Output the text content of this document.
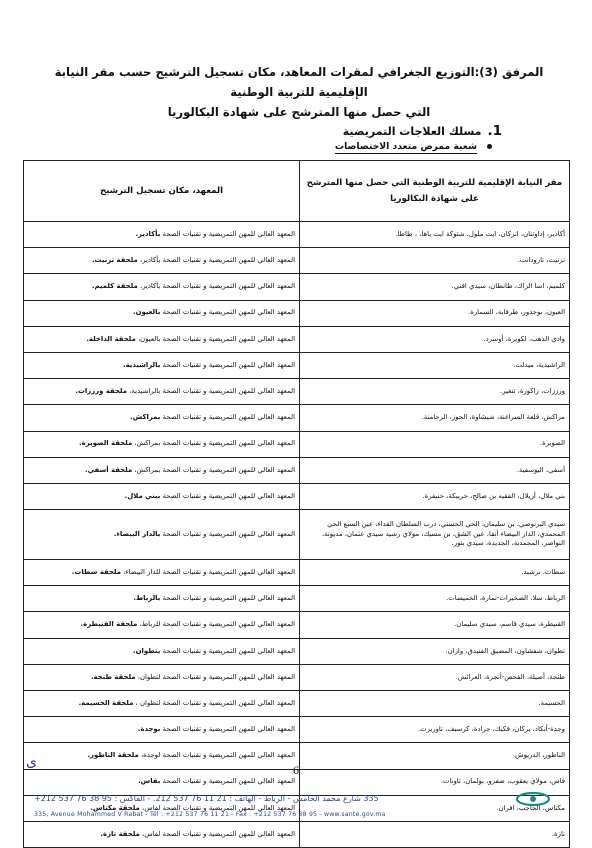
المرفق (3):التوزيع الجغرافي لمقرات المعاهد، مكان تسجيل الترشيح حسب مقر النيابة الإقليمية للتربية الوطنية
التي حصل منها المترشح على شهادة البكالوريا
1.مسلك العلاجات التمريضية
شعبة ممرض متعدد الاختصاصات
مقر النيابة الإقليمية للتربية الوطنية التي حصل منها المترشح على شهادة البكالوريا	المعهد، مكان تسجيل الترشيح
أكادير، إداوتنان، انزكان، ايت ملول، شتوكة ايت باها، ، طاطا.	المعهد العالي للمهن التمريضية و تقنيات الصحة بأكادير.
تزنيت، تارودانت.	المعهد العالي للمهن التمريضية و تقنيات الصحة بأكادير، ملحقة تزنيت.
كلميم، اسا الزاك، طانطان، سيدي افني.	المعهد العالي للمهن التمريضية و تقنيات الصحة بأكادير، ملحقة كلميم.
العيون، بوجدور، طرفاية، السمارة.	المعهد العالي للمهن التمريضية و تقنيات الصحة بالعيون.
وادي الذهب، لكويرة، أوسرد.	المعهد العالي للمهن التمريضية و تقنيات الصحة بالعيون، ملحقة الداخلة.
الراشيدية، ميدلت.	المعهد العالي للمهن التمريضية و تقنيات الصحة بالراشيدية.
ورززات، زاكورة، تنغير.	المعهد العالي للمهن التمريضية و تقنيات الصحة بالراشيدية، ملحقة ورززات.
مراكش، قلعة السراغنة، شيشاوة، الحوز، الرحامنة.	المعهد العالي للمهن التمريضية و تقنيات الصحة بمراكش.
الصويرة.	المعهد العالي للمهن التمريضية و تقنيات الصحة بمراكش، ملحقة الصويرة.
أسفي، اليوسفية.	المعهد العالي للمهن التمريضية و تقنيات الصحة بمراكش، ملحقة أسفي.
بني ملال، أزيلال، الفقيه بن صالح، خريبكة، خنيفرة.	المعهد العالي للمهن التمريضية و تقنيات الصحة ببني ملال.
سيدي البرنوصي، بن سليمان، الحي الحسني، درب السلطان الفداء، عين السبع الحي المحمدي، الدار البيضاء أنفا، عين الشق، بن مسيك، مولاي رشيد سيدي عثمان، مديونة، النواصر، المحمدية، الجديدة، سيدي بنور.	المعهد العالي للمهن التمريضية و تقنيات الصحة بالدار البيضاء.
سطات، برشيد.	المعهد العالي للمهن التمريضية و تقنيات الصحة للدار البيضاء، ملحقة سطات.
الرباط، سلا، الصخيرات-تمارة، الخميسات.	المعهد العالي للمهن التمريضية و تقنيات الصحة بالرباط.
القنيطرة، سيدي قاسم، سيدي سليمان.	المعهد العالي للمهن التمريضية و تقنيات الصحة للرباط، ملحقة القنيطرة.
تطوان، شفشاون، المضيق الفنيدق، وازان.	المعهد العالي للمهن التمريضية و تقنيات الصحة بتطوان.
طنجة، أصيلة، الفحص-أنجرة، العرائش.	المعهد العالي للمهن التمريضية و تقنيات الصحة لتطوان، ملحقة طنجة.
الحسيمة.	المعهد العالي للمهن التمريضية و تقنيات الصحة لتطوان ، ملحقة الحسيمة.
وجدة-أنكاد، بركان، فكيك، جرادة، كرسيف، تاوريرت.	المعهد العالي للمهن التمريضية و تقنيات الصحة بوجدة.
الناظور، الدريوش.	المعهد العالي للمهن التمريضية و تقنيات الصحة لوجدة، ملحقة الناظور.
فاس، مولاي يعقوب، صفرو، بولمان، تاونات.	المعهد العالي للمهن التمريضية و تقنيات الصحة بفاس.
مكناس، الحاجب، افران.	المعهد العالي للمهن التمريضية و تقنيات الصحة لفاس، ملحقة مكناس.
تازة.	المعهد العالي للمهن التمريضية و تقنيات الصحة لفاس، ملحقة تازة.
ی
6
335 شارع محمد الخامس - الرباط - الهاتف : 21 11 76 537 212. - الفاكس : 95 38 76 537 212+
335, Avenue Mohammed V Rabat - Tél : +212 537 76 11 21 - Fax : +212 537 76 38 95 - www.sante.gov.ma
